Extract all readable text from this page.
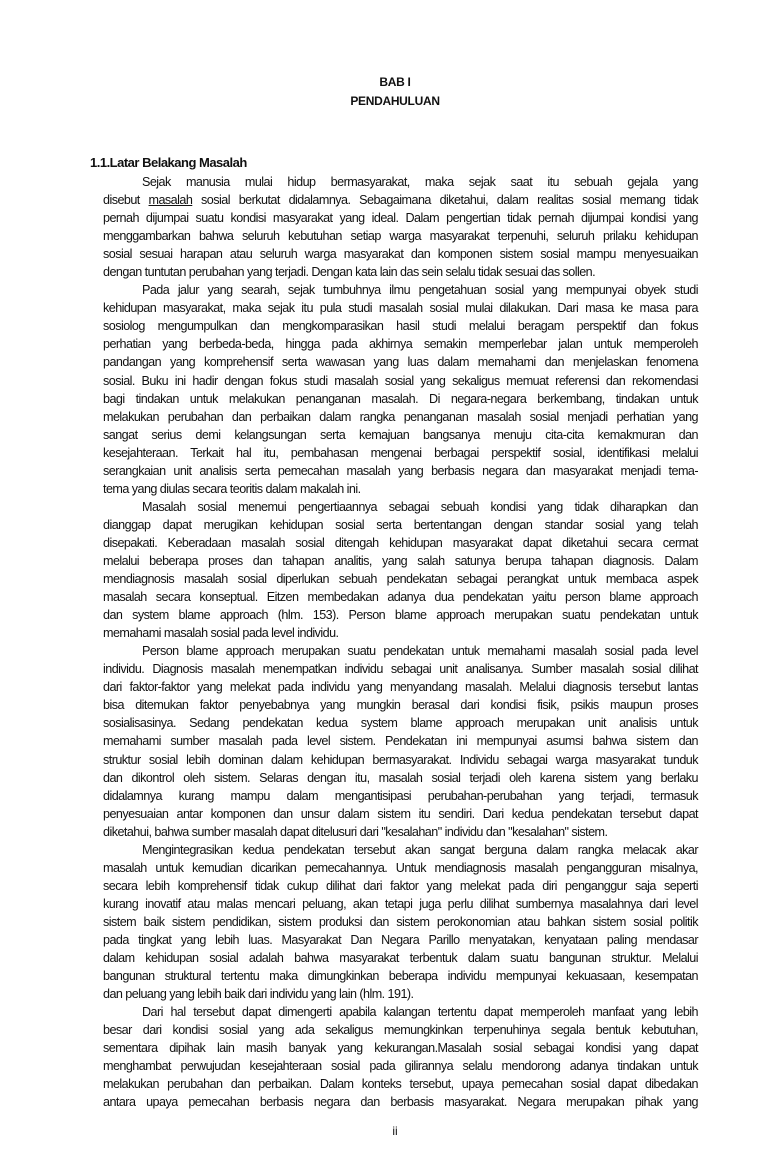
BAB I
PENDAHULUAN
1.1.Latar Belakang Masalah
Sejak manusia mulai hidup bermasyarakat, maka sejak saat itu sebuah gejala yang
disebut masalah sosial berkutat didalamnya. Sebagaimana diketahui, dalam realitas sosial memang tidak
pernah dijumpai suatu kondisi masyarakat yang ideal. Dalam pengertian tidak pernah dijumpai kondisi yang
menggambarkan bahwa seluruh kebutuhan setiap warga masyarakat terpenuhi, seluruh prilaku kehidupan
sosial sesuai harapan atau seluruh warga masyarakat dan komponen sistem sosial mampu menyesuaikan
dengan tuntutan perubahan yang terjadi. Dengan kata lain das sein selalu tidak sesuai das sollen.
Pada jalur yang searah, sejak tumbuhnya ilmu pengetahuan sosial yang mempunyai obyek studi
kehidupan masyarakat, maka sejak itu pula studi masalah sosial mulai dilakukan. Dari masa ke masa para
sosiolog mengumpulkan dan mengkomparasikan hasil studi melalui beragam perspektif dan fokus
perhatian yang berbeda-beda, hingga pada akhirnya semakin memperlebar jalan untuk memperoleh
pandangan yang komprehensif serta wawasan yang luas dalam memahami dan menjelaskan fenomena
sosial. Buku ini hadir dengan fokus studi masalah sosial yang sekaligus memuat referensi dan rekomendasi
bagi tindakan untuk melakukan penanganan masalah. Di negara-negara berkembang, tindakan untuk
melakukan perubahan dan perbaikan dalam rangka penanganan masalah sosial menjadi perhatian yang
sangat serius demi kelangsungan serta kemajuan bangsanya menuju cita-cita kemakmuran dan
kesejahteraan. Terkait hal itu, pembahasan mengenai berbagai perspektif sosial, identifikasi melalui
serangkaian unit analisis serta pemecahan masalah yang berbasis negara dan masyarakat menjadi tema-
tema yang diulas secara teoritis dalam makalah ini.
Masalah sosial menemui pengertiaannya sebagai sebuah kondisi yang tidak diharapkan dan
dianggap dapat merugikan kehidupan sosial serta bertentangan dengan standar sosial yang telah
disepakati. Keberadaan masalah sosial ditengah kehidupan masyarakat dapat diketahui secara cermat
melalui beberapa proses dan tahapan analitis, yang salah satunya berupa tahapan diagnosis. Dalam
mendiagnosis masalah sosial diperlukan sebuah pendekatan sebagai perangkat untuk membaca aspek
masalah secara konseptual. Eitzen membedakan adanya dua pendekatan yaitu person blame approach
dan system blame approach (hlm. 153). Person blame approach merupakan suatu pendekatan untuk
memahami masalah sosial pada level individu.
Person blame approach merupakan suatu pendekatan untuk memahami masalah sosial pada level
individu. Diagnosis masalah menempatkan individu sebagai unit analisanya. Sumber masalah sosial dilihat
dari faktor-faktor yang melekat pada individu yang menyandang masalah. Melalui diagnosis tersebut lantas
bisa ditemukan faktor penyebabnya yang mungkin berasal dari kondisi fisik, psikis maupun proses
sosialisasinya. Sedang pendekatan kedua system blame approach merupakan unit analisis untuk
memahami sumber masalah pada level sistem. Pendekatan ini mempunyai asumsi bahwa sistem dan
struktur sosial lebih dominan dalam kehidupan bermasyarakat. Individu sebagai warga masyarakat tunduk
dan dikontrol oleh sistem. Selaras dengan itu, masalah sosial terjadi oleh karena sistem yang berlaku
didalamnya kurang mampu dalam mengantisipasi perubahan-perubahan yang terjadi, termasuk
penyesuaian antar komponen dan unsur dalam sistem itu sendiri. Dari kedua pendekatan tersebut dapat
diketahui, bahwa sumber masalah dapat ditelusuri dari "kesalahan" individu dan "kesalahan" sistem.
Mengintegrasikan kedua pendekatan tersebut akan sangat berguna dalam rangka melacak akar
masalah untuk kemudian dicarikan pemecahannya. Untuk mendiagnosis masalah pengangguran misalnya,
secara lebih komprehensif tidak cukup dilihat dari faktor yang melekat pada diri penganggur saja seperti
kurang inovatif atau malas mencari peluang, akan tetapi juga perlu dilihat sumbernya masalahnya dari level
sistem baik sistem pendidikan, sistem produksi dan sistem perokonomian atau bahkan sistem sosial politik
pada tingkat yang lebih luas. Masyarakat Dan Negara Parillo menyatakan, kenyataan paling mendasar
dalam kehidupan sosial adalah bahwa masyarakat terbentuk dalam suatu bangunan struktur. Melalui
bangunan struktural tertentu maka dimungkinkan beberapa individu mempunyai kekuasaan, kesempatan
dan peluang yang lebih baik dari individu yang lain (hlm. 191).
Dari hal tersebut dapat dimengerti apabila kalangan tertentu dapat memperoleh manfaat yang lebih
besar dari kondisi sosial yang ada sekaligus memungkinkan terpenuhinya segala bentuk kebutuhan,
sementara dipihak lain masih banyak yang kekurangan.Masalah sosial sebagai kondisi yang dapat
menghambat perwujudan kesejahteraan sosial pada gilirannya selalu mendorong adanya tindakan untuk
melakukan perubahan dan perbaikan. Dalam konteks tersebut, upaya pemecahan sosial dapat dibedakan
antara upaya pemecahan berbasis negara dan berbasis masyarakat. Negara merupakan pihak yang
ii
